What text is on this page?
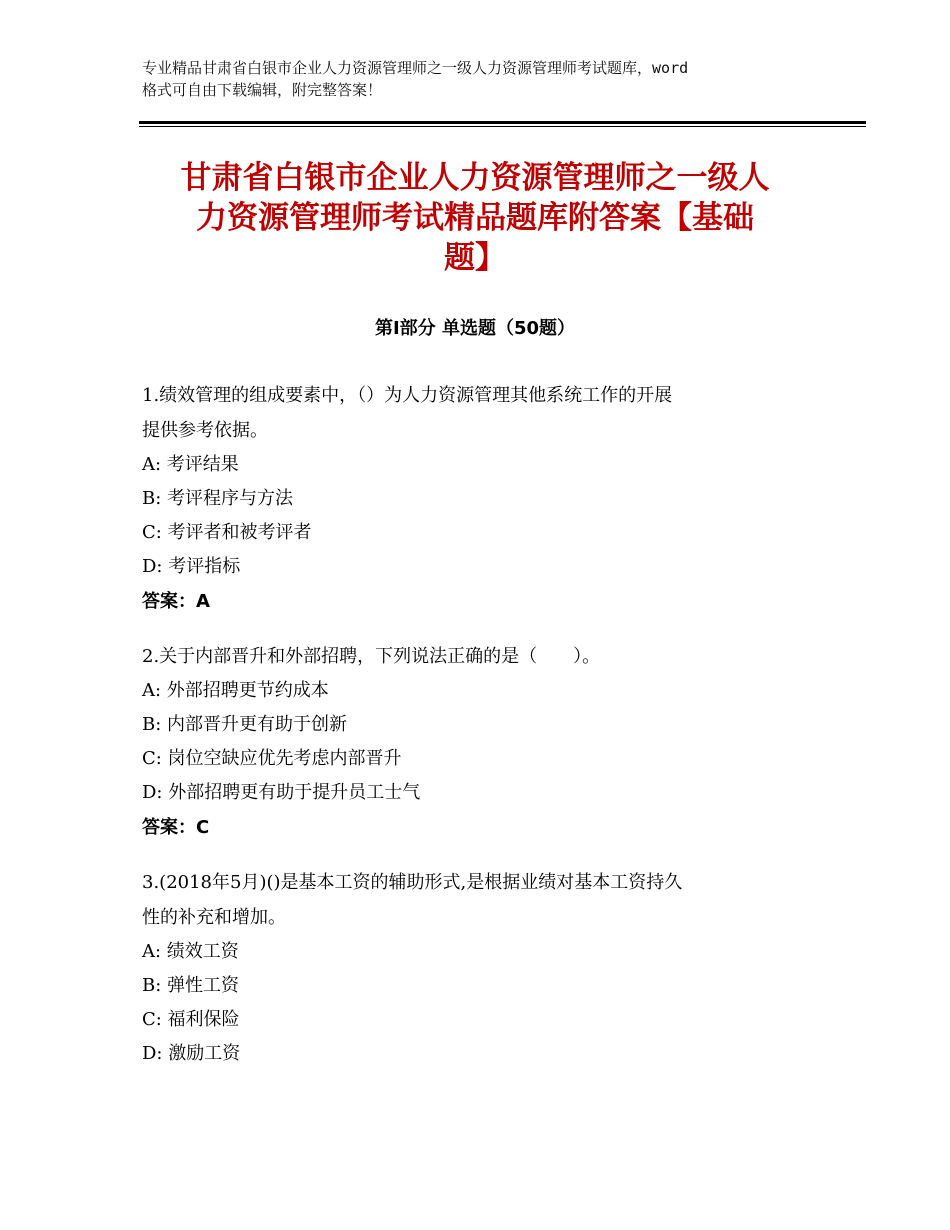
专业精品甘肃省白银市企业人力资源管理师之一级人力资源管理师考试题库，word
格式可自由下载编辑，附完整答案！
甘肃省白银市企业人力资源管理师之一级人
力资源管理师考试精品题库附答案【基础
题】
第Ⅰ部分 单选题（50题）
1.绩效管理的组成要素中，（）为人力资源管理其他系统工作的开展
提供参考依据。
A: 考评结果
B: 考评程序与方法
C: 考评者和被考评者
D: 考评指标
答案：A
2.关于内部晋升和外部招聘，下列说法正确的是（　　）。
A: 外部招聘更节约成本
B: 内部晋升更有助于创新
C: 岗位空缺应优先考虑内部晋升
D: 外部招聘更有助于提升员工士气
答案：C
3.(2018年5月)()是基本工资的辅助形式,是根据业绩对基本工资持久
性的补充和增加。
A: 绩效工资
B: 弹性工资
C: 福利保险
D: 激励工资
